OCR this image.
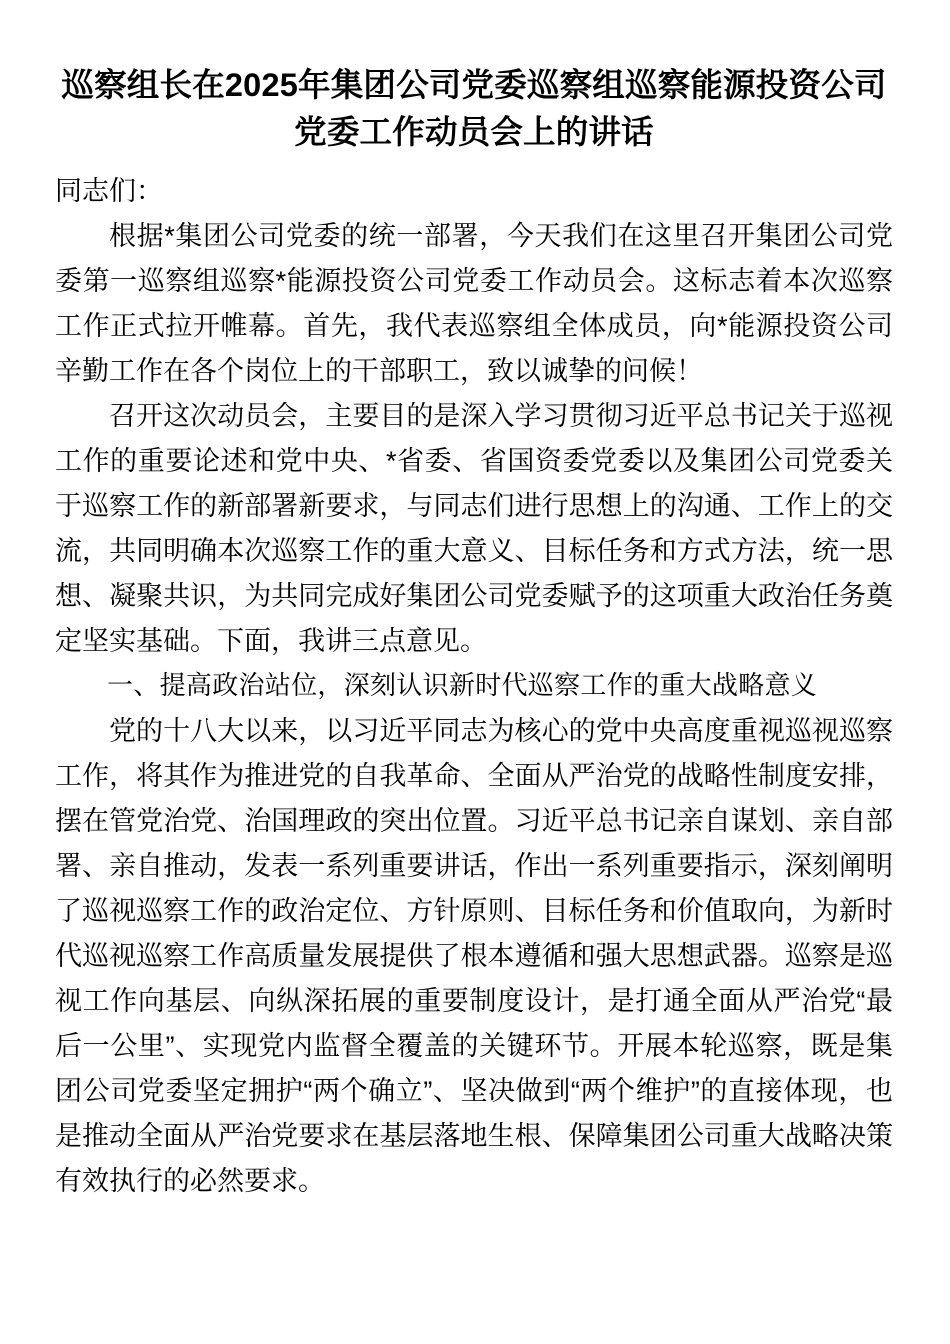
巡察组长在2025年集团公司党委巡察组巡察能源投资公司党委工作动员会上的讲话

同志们：

根据*集团公司党委的统一部署，今天我们在这里召开集团公司党委第一巡察组巡察*能源投资公司党委工作动员会。这标志着本次巡察工作正式拉开帷幕。首先，我代表巡察组全体成员，向*能源投资公司辛勤工作在各个岗位上的干部职工，致以诚挚的问候！

召开这次动员会，主要目的是深入学习贯彻习近平总书记关于巡视工作的重要论述和党中央、*省委、省国资委党委以及集团公司党委关于巡察工作的新部署新要求，与同志们进行思想上的沟通、工作上的交流，共同明确本次巡察工作的重大意义、目标任务和方式方法，统一思想、凝聚共识，为共同完成好集团公司党委赋予的这项重大政治任务奠定坚实基础。下面，我讲三点意见。

一、提高政治站位，深刻认识新时代巡察工作的重大战略意义

党的十八大以来，以习近平同志为核心的党中央高度重视巡视巡察工作，将其作为推进党的自我革命、全面从严治党的战略性制度安排，摆在管党治党、治国理政的突出位置。习近平总书记亲自谋划、亲自部署、亲自推动，发表一系列重要讲话，作出一系列重要指示，深刻阐明了巡视巡察工作的政治定位、方针原则、目标任务和价值取向，为新时代巡视巡察工作高质量发展提供了根本遵循和强大思想武器。巡察是巡视工作向基层、向纵深拓展的重要制度设计，是打通全面从严治党“最后一公里”、实现党内监督全覆盖的关键环节。开展本轮巡察，既是集团公司党委坚定拥护“两个确立”、坚决做到“两个维护”的直接体现，也是推动全面从严治党要求在基层落地生根、保障集团公司重大战略决策有效执行的必然要求。
